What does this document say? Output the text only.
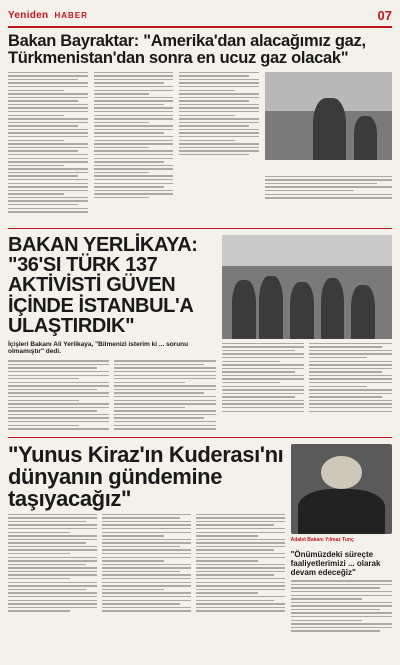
Yeniden HABER	07
Bakan Bayraktar: "Amerika'dan alacağımız gaz, Türkmenistan'dan sonra en ucuz gaz olacak"
BAKAN YERLİKAYA: "36'SI TÜRK 137 AKTİVİSTİ GÜVEN İÇİNDE İSTANBUL'A ULAŞTIRDIK"
İçişleri Bakanı Ali Yerlikaya, "Bilmenizi isterim ki ... sorunu olmamıştır" dedi.
"Yunus Kiraz'ın Kuderası'nı dünyanın gündemine taşıyacağız"
Adalet Bakanı Yılmaz Tunç
"Önümüzdeki süreçte faaliyetlerimizi ... olarak devam edeceğiz"
